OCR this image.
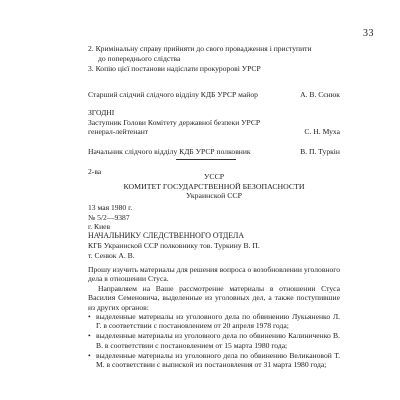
33
2. Кримінальну справу прийняти до свого провадження і приступити
до попереднього слідства
3. Копію цієї постанови надіслати прокуророві УРСР
Старший слідчий слідчого відділу КДБ УРСР майор	А. В. Сєнюк
ЗГОДНІ
Заступник Голови Комітету державної безпеки УРСР
генерал-лейтенант	С. Н. Муха
Начальник слідчого відділу КДБ УРСР полковник	В. П. Туркін
2-ва
УССР
КОМИТЕТ ГОСУДАРСТВЕННОЙ БЕЗОПАСНОСТИ
Украинской ССР
13 мая 1980 г.
№ 5/2—9387
г. Киев
НАЧАЛЬНИКУ СЛЕДСТВЕННОГО ОТДЕЛА
КГБ Украинской ССР полковнику тов. Туркину В. П.
т. Сенюк А. В.
Прошу изучить материалы для решения вопроса о возобновлении уголовного дела в отношении Стуса.
Направляем на Ваше рассмотрение материалы в отношении Стуса Василия Семеновича, выделенные из уголовных дел, а также поступившие из других органов:
• выделенные материалы из уголовного дела по обвинению Лукьяненко Л. Г. в соответствии с постановлением от 20 апреля 1978 года;
• выделенные материалы из уголовного дела по обвинению Калиниченко В. В. в соответствии с постановлением от 15 марта 1980 года;
• выделенные материалы из уголовного дела по обвинению Великановой Т. М. в соответствии с выпиской из постановления от 31 марта 1980 года;
